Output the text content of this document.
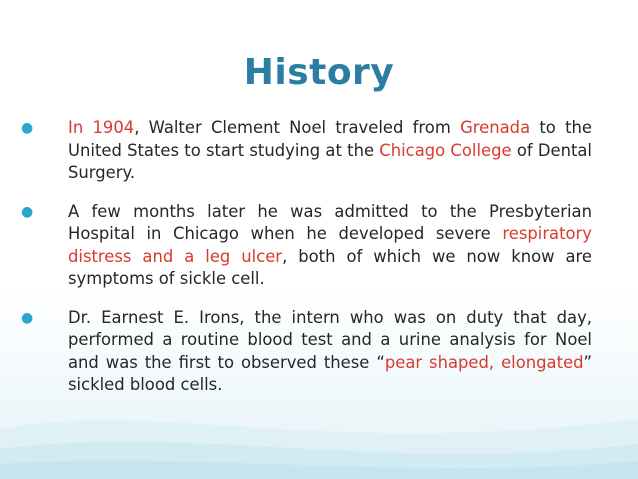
History
● In 1904, Walter Clement Noel traveled from Grenada to the United States to start studying at the Chicago College of Dental Surgery.
● A few months later he was admitted to the Presbyterian Hospital in Chicago when he developed severe respiratory distress and a leg ulcer, both of which we now know are symptoms of sickle cell.
● Dr. Earnest E. Irons, the intern who was on duty that day, performed a routine blood test and a urine analysis for Noel and was the first to observed these “pear shaped, elongated” sickled blood cells.
